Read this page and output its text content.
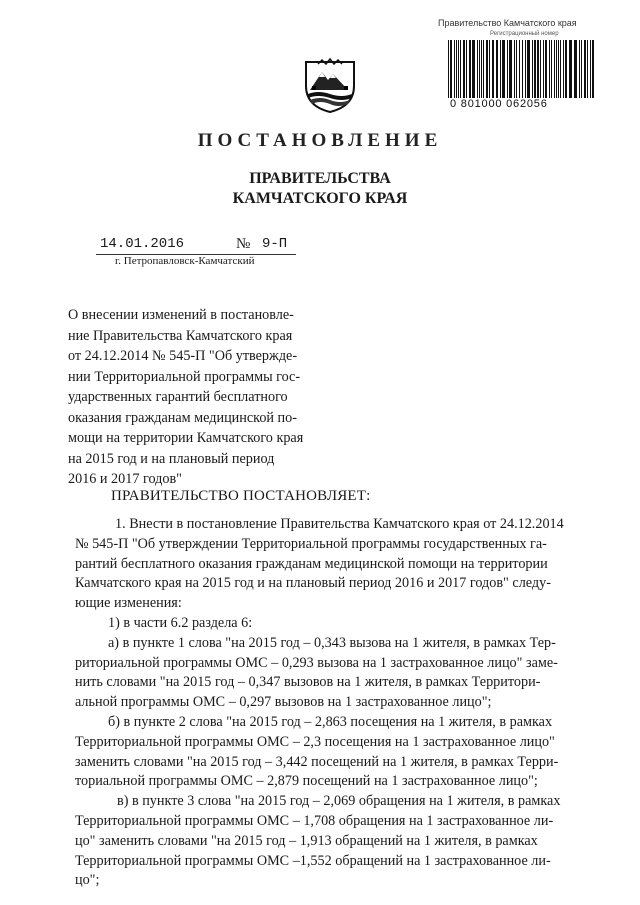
Правительство Камчатского края
Регистрационный номер
0 801000 062056
ПОСТАНОВЛЕНИЕ
ПРАВИТЕЛЬСТВА
КАМЧАТСКОГО КРАЯ
14.01.2016	№ 9-П
г. Петропавловск-Камчатский
О внесении изменений в постановле-
ние Правительства Камчатского края
от 24.12.2014 № 545-П "Об утвержде-
нии Территориальной программы гос-
ударственных гарантий бесплатного
оказания гражданам медицинской по-
мощи на территории Камчатского края
на 2015 год и на плановый период
2016 и 2017 годов"
ПРАВИТЕЛЬСТВО ПОСТАНОВЛЯЕТ:
1. Внести в постановление Правительства Камчатского края от 24.12.2014
№ 545-П "Об утверждении Территориальной программы государственных га-
рантий бесплатного оказания гражданам медицинской помощи на территории
Камчатского края на 2015 год и на плановый период 2016 и 2017 годов" следу-
ющие изменения:
1) в части 6.2 раздела 6:
а) в пункте 1 слова "на 2015 год – 0,343 вызова на 1 жителя, в рамках Тер-
риториальной программы ОМС – 0,293 вызова на 1 застрахованное лицо" заме-
нить словами "на 2015 год – 0,347 вызовов на 1 жителя, в рамках Территори-
альной программы ОМС – 0,297 вызовов на 1 застрахованное лицо";
б) в пункте 2 слова "на 2015 год – 2,863 посещения на 1 жителя, в рамках
Территориальной программы ОМС – 2,3 посещения на 1 застрахованное лицо"
заменить словами "на 2015 год – 3,442 посещений на 1 жителя, в рамках Терри-
ториальной программы ОМС – 2,879 посещений на 1 застрахованное лицо";
в) в пункте 3 слова "на 2015 год – 2,069 обращения на 1 жителя, в рамках
Территориальной программы ОМС – 1,708 обращения на 1 застрахованное ли-
цо" заменить словами "на 2015 год – 1,913 обращений на 1 жителя, в рамках
Территориальной программы ОМС –1,552 обращений на 1 застрахованное ли-
цо";
